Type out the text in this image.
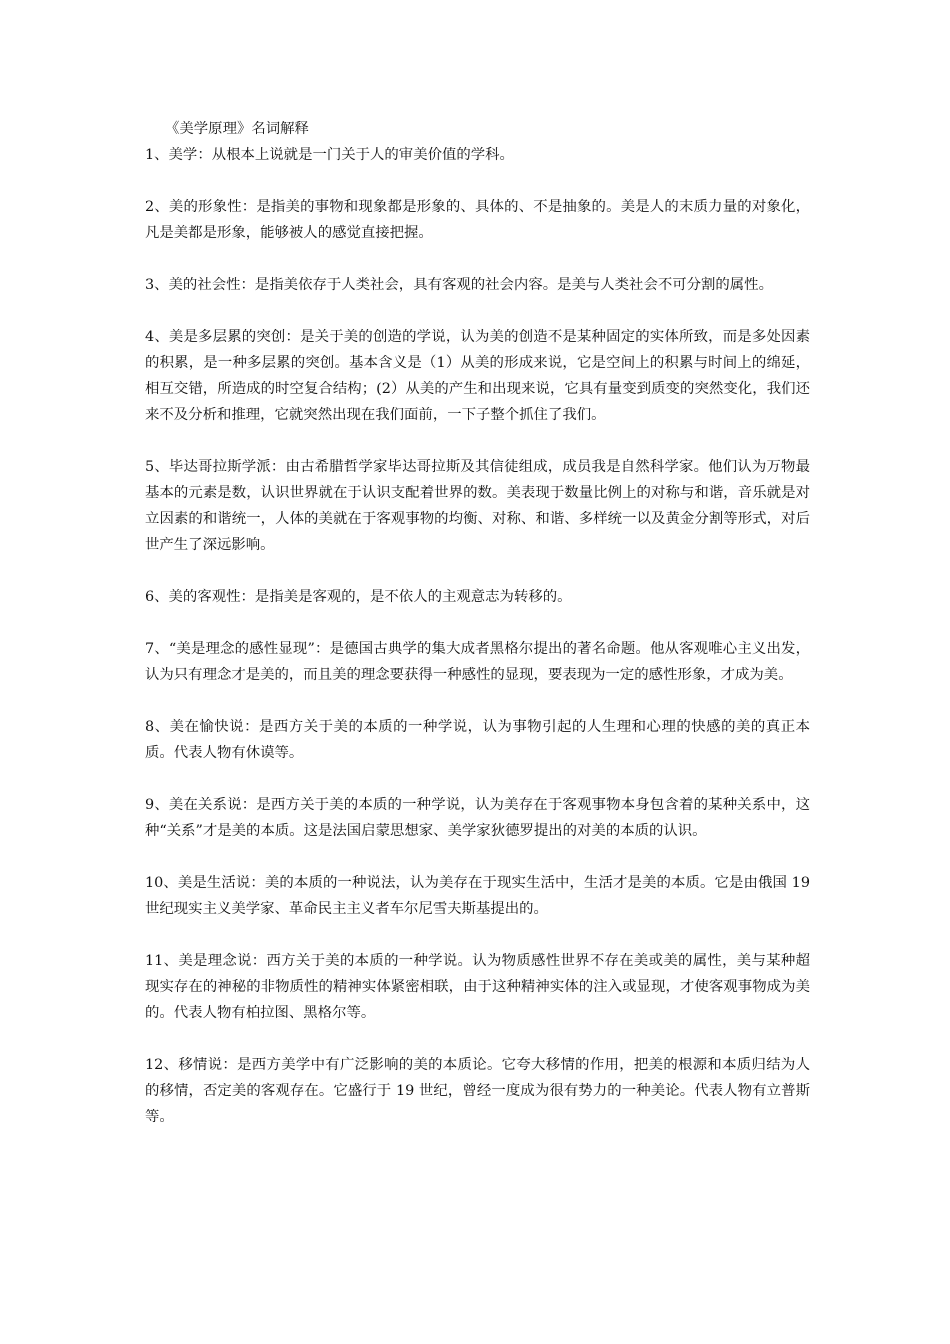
《美学原理》名词解释

1、美学：从根本上说就是一门关于人的审美价值的学科。

2、美的形象性：是指美的事物和现象都是形象的、具体的、不是抽象的。美是人的末质力量的对象化，凡是美都是形象，能够被人的感觉直接把握。

3、美的社会性：是指美依存于人类社会，具有客观的社会内容。是美与人类社会不可分割的属性。

4、美是多层累的突创：是关于美的创造的学说，认为美的创造不是某种固定的实体所致，而是多处因素的积累，是一种多层累的突创。基本含义是（1）从美的形成来说，它是空间上的积累与时间上的绵延，相互交错，所造成的时空复合结构；(2）从美的产生和出现来说，它具有量变到质变的突然变化，我们还来不及分析和推理，它就突然出现在我们面前，一下子整个抓住了我们。

5、毕达哥拉斯学派：由古希腊哲学家毕达哥拉斯及其信徒组成，成员我是自然科学家。他们认为万物最基本的元素是数，认识世界就在于认识支配着世界的数。美表现于数量比例上的对称与和谐，音乐就是对立因素的和谐统一，人体的美就在于客观事物的均衡、对称、和谐、多样统一以及黄金分割等形式，对后世产生了深远影响。

6、美的客观性：是指美是客观的，是不依人的主观意志为转移的。

7、“美是理念的感性显现”：是德国古典学的集大成者黑格尔提出的著名命题。他从客观唯心主义出发，认为只有理念才是美的，而且美的理念要获得一种感性的显现，要表现为一定的感性形象，才成为美。

8、美在愉快说：是西方关于美的本质的一种学说，认为事物引起的人生理和心理的快感的美的真正本质。代表人物有休谟等。

9、美在关系说：是西方关于美的本质的一种学说，认为美存在于客观事物本身包含着的某种关系中，这种“关系”才是美的本质。这是法国启蒙思想家、美学家狄德罗提出的对美的本质的认识。

10、美是生活说：美的本质的一种说法，认为美存在于现实生活中，生活才是美的本质。它是由俄国 19 世纪现实主义美学家、革命民主主义者车尔尼雪夫斯基提出的。

11、美是理念说：西方关于美的本质的一种学说。认为物质感性世界不存在美或美的属性，美与某种超现实存在的神秘的非物质性的精神实体紧密相联，由于这种精神实体的注入或显现，才使客观事物成为美的。代表人物有柏拉图、黑格尔等。

12、移情说：是西方美学中有广泛影响的美的本质论。它夸大移情的作用，把美的根源和本质归结为人的移情，否定美的客观存在。它盛行于 19 世纪，曾经一度成为很有势力的一种美论。代表人物有立普斯等。
